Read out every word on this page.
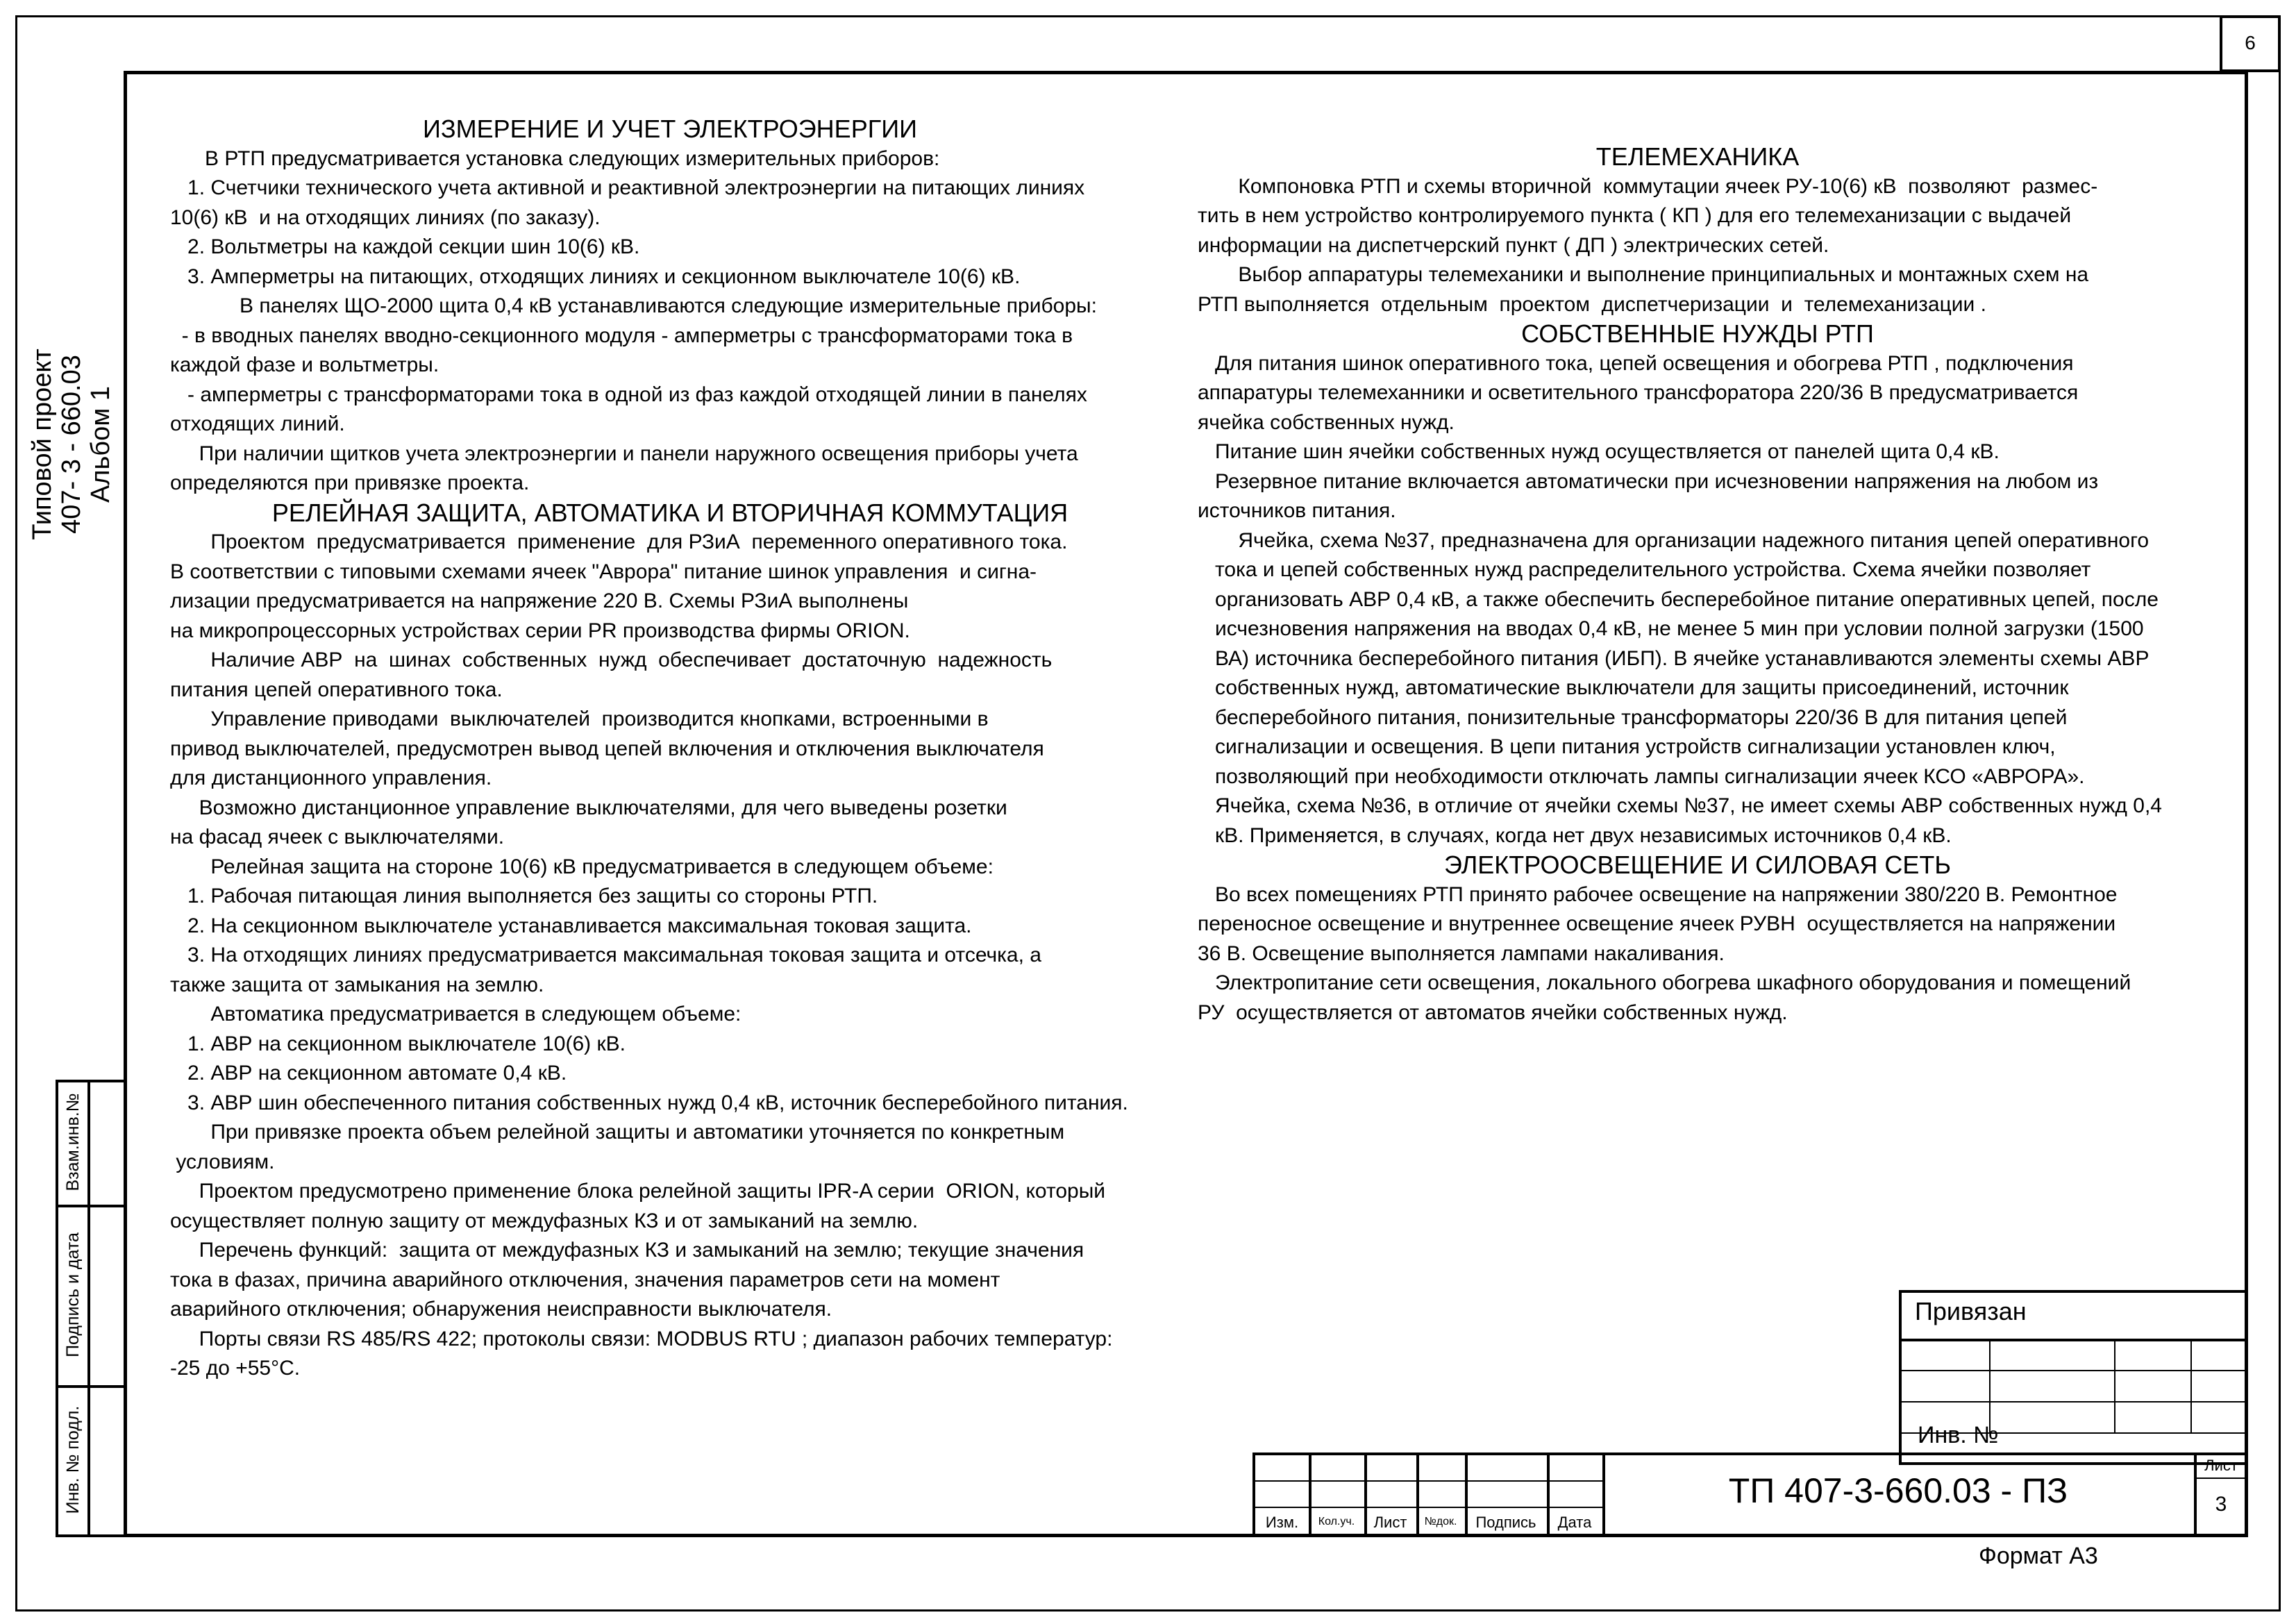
6
Типовой проект 407- 3 - 660.03 Альбом 1
Взам.инв.№
Подпись и дата
Инв. № подл.
ИЗМЕРЕНИЕ И УЧЕТ ЭЛЕКТРОЭНЕРГИИ
В РТП предусматривается установка следующих измерительных приборов:
1. Счетчики технического учета активной и реактивной электроэнергии на питающих линиях
10(6) кВ  и на отходящих линиях (по заказу).
2. Вольтметры на каждой секции шин 10(6) кВ.
3. Амперметры на питающих, отходящих линиях и секционном выключателе 10(6) кВ.
В панелях ЩО-2000 щита 0,4 кВ устанавливаются следующие измерительные приборы:
- в вводных панелях вводно-секционного модуля - амперметры с трансформаторами тока в
каждой фазе и вольтметры.
- амперметры с трансформаторами тока в одной из фаз каждой отходящей линии в панелях
отходящих линий.
При наличии щитков учета электроэнергии и панели наружного освещения приборы учета
определяются при привязке проекта.
РЕЛЕЙНАЯ ЗАЩИТА, АВТОМАТИКА И ВТОРИЧНАЯ КОММУТАЦИЯ
Проектом  предусматривается  применение  для РЗиА  переменного оперативного тока.
В соответствии с типовыми схемами ячеек "Аврора" питание шинок управления  и сигна-
лизации предусматривается на напряжение 220 В. Схемы РЗиА выполнены
на микропроцессорных устройствах серии PR производства фирмы ORION.
Наличие АВР  на  шинах  собственных  нужд  обеспечивает  достаточную  надежность
питания цепей оперативного тока.
Управление приводами  выключателей  производится кнопками, встроенными в
привод выключателей, предусмотрен вывод цепей включения и отключения выключателя
для дистанционного управления.
Возможно дистанционное управление выключателями, для чего выведены розетки
на фасад ячеек с выключателями.
Релейная защита на стороне 10(6) кВ предусматривается в следующем объеме:
1. Рабочая питающая линия выполняется без защиты со стороны РТП.
2. На секционном выключателе устанавливается максимальная токовая защита.
3. На отходящих линиях предусматривается максимальная токовая защита и отсечка, а
также защита от замыкания на землю.
Автоматика предусматривается в следующем объеме:
1. АВР на секционном выключателе 10(6) кВ.
2. АВР на секционном автомате 0,4 кВ.
3. АВР шин обеспеченного питания собственных нужд 0,4 кВ, источник бесперебойного питания.
При привязке проекта объем релейной защиты и автоматики уточняется по конкретным
условиям.
Проектом предусмотрено применение блока релейной защиты IPR-A серии  ORION, который
осуществляет полную защиту от междуфазных КЗ и от замыканий на землю.
Перечень функций:  защита от междуфазных КЗ и замыканий на землю; текущие значения
тока в фазах, причина аварийного отключения, значения параметров сети на момент
аварийного отключения; обнаружения неисправности выключателя.
Порты связи RS 485/RS 422; протоколы связи: MODBUS RTU ; диапазон рабочих температур:
-25 до +55°С.
ТЕЛЕМЕХАНИКА
Компоновка РТП и схемы вторичной  коммутации ячеек РУ-10(6) кВ  позволяют  размес-
тить в нем устройство контролируемого пункта ( КП ) для его телемеханизации с выдачей
информации на диспетчерский пункт ( ДП ) электрических сетей.
Выбор аппаратуры телемеханики и выполнение принципиальных и монтажных схем на
РТП выполняется  отдельным  проектом  диспетчеризации  и  телемеханизации .
СОБСТВЕННЫЕ НУЖДЫ РТП
Для питания шинок оперативного тока, цепей освещения и обогрева РТП , подключения
аппаратуры телемеханники и осветительного трансфоратора 220/36 В предусматривается
ячейка собственных нужд.
Питание шин ячейки собственных нужд осуществляется от панелей щита 0,4 кВ.
Резервное питание включается автоматически при исчезновении напряжения на любом из
источников питания.
Ячейка, схема №37, предназначена для организации надежного питания цепей оперативного
тока и цепей собственных нужд распределительного устройства. Схема ячейки позволяет
организовать АВР 0,4 кВ, а также обеспечить бесперебойное питание оперативных цепей, после
исчезновения напряжения на вводах 0,4 кВ, не менее 5 мин при условии полной загрузки (1500
ВА) источника бесперебойного питания (ИБП). В ячейке устанавливаются элементы схемы АВР
собственных нужд, автоматические выключатели для защиты присоединений, источник
бесперебойного питания, понизительные трансформаторы 220/36 В для питания цепей
сигнализации и освещения. В цепи питания устройств сигнализации установлен ключ,
позволяющий при необходимости отключать лампы сигнализации ячеек КСО «АВРОРА».
Ячейка, схема №36, в отличие от ячейки схемы №37, не имеет схемы АВР собственных нужд 0,4
кВ. Применяется, в случаях, когда нет двух независимых источников 0,4 кВ.
ЭЛЕКТРООСВЕЩЕНИЕ И СИЛОВАЯ СЕТЬ
Во всех помещениях РТП принято рабочее освещение на напряжении 380/220 В. Ремонтное
переносное освещение и внутреннее освещение ячеек РУВН  осуществляется на напряжении
36 В. Освещение выполняется лампами накаливания.
Электропитание сети освещения, локального обогрева шкафного оборудования и помещений
РУ  осуществляется от автоматов ячейки собственных нужд.
Привязан
Инв. №
Изм.	Кол.уч.	Лист	№док.	Подпись	Дата
ТП 407-3-660.03 - ПЗ
Лист
3
Формат А3
